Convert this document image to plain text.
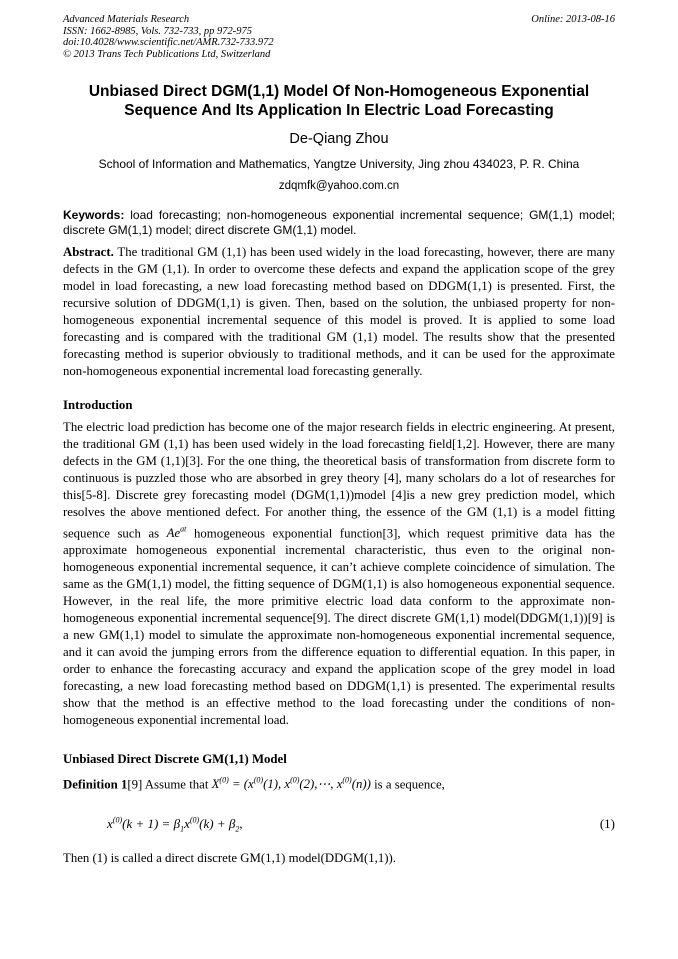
Advanced Materials Research
ISSN: 1662-8985, Vols. 732-733, pp 972-975
doi:10.4028/www.scientific.net/AMR.732-733.972
© 2013 Trans Tech Publications Ltd, Switzerland
Online: 2013-08-16
Unbiased Direct DGM(1,1) Model Of Non-Homogeneous Exponential
Sequence And Its Application In Electric Load Forecasting
De-Qiang Zhou
School of Information and Mathematics, Yangtze University, Jing zhou 434023, P. R. China
zdqmfk@yahoo.com.cn
Keywords: load forecasting; non-homogeneous exponential incremental sequence; GM(1,1) model; discrete GM(1,1) model; direct discrete GM(1,1) model.
Abstract. The traditional GM (1,1) has been used widely in the load forecasting, however, there are many defects in the GM (1,1). In order to overcome these defects and expand the application scope of the grey model in load forecasting, a new load forecasting method based on DDGM(1,1) is presented. First, the recursive solution of DDGM(1,1) is given. Then, based on the solution, the unbiased property for non-homogeneous exponential incremental sequence of this model is proved. It is applied to some load forecasting and is compared with the traditional GM (1,1) model. The results show that the presented forecasting method is superior obviously to traditional methods, and it can be used for the approximate non-homogeneous exponential incremental load forecasting generally.
Introduction
The electric load prediction has become one of the major research fields in electric engineering. At present, the traditional GM (1,1) has been used widely in the load forecasting field[1,2]. However, there are many defects in the GM (1,1)[3]. For the one thing, the theoretical basis of transformation from discrete form to continuous is puzzled those who are absorbed in grey theory [4], many scholars do a lot of researches for this[5-8]. Discrete grey forecasting model (DGM(1,1))model [4]is a new grey prediction model, which resolves the above mentioned defect. For another thing, the essence of the GM (1,1) is a model fitting sequence such as $Ae^{at}$ homogeneous exponential function[3], which request primitive data has the approximate homogeneous exponential incremental characteristic, thus even to the original non-homogeneous exponential incremental sequence, it can’t achieve complete coincidence of simulation. The same as the GM(1,1) model, the fitting sequence of DGM(1,1) is also homogeneous exponential sequence. However, in the real life, the more primitive electric load data conform to the approximate non-homogeneous exponential incremental sequence[9]. The direct discrete GM(1,1) model(DDGM(1,1))[9] is a new GM(1,1) model to simulate the approximate non-homogeneous exponential incremental sequence, and it can avoid the jumping errors from the difference equation to differential equation. In this paper, in order to enhance the forecasting accuracy and expand the application scope of the grey model in load forecasting, a new load forecasting method based on DDGM(1,1) is presented. The experimental results show that the method is an effective method to the load forecasting under the conditions of non-homogeneous exponential incremental load.
Unbiased Direct Discrete GM(1,1) Model
Definition 1[9] Assume that $X^{(0)} = (x^{(0)}(1)$, $x^{(0)}(2),\cdots$, $x^{(0)}(n)$) is a sequence,
$x^{(0)}(k + 1) = \beta_1x^{(0)}(k) + \beta_2$,	(1)
Then (1) is called a direct discrete GM(1,1) model(DDGM(1,1)).
